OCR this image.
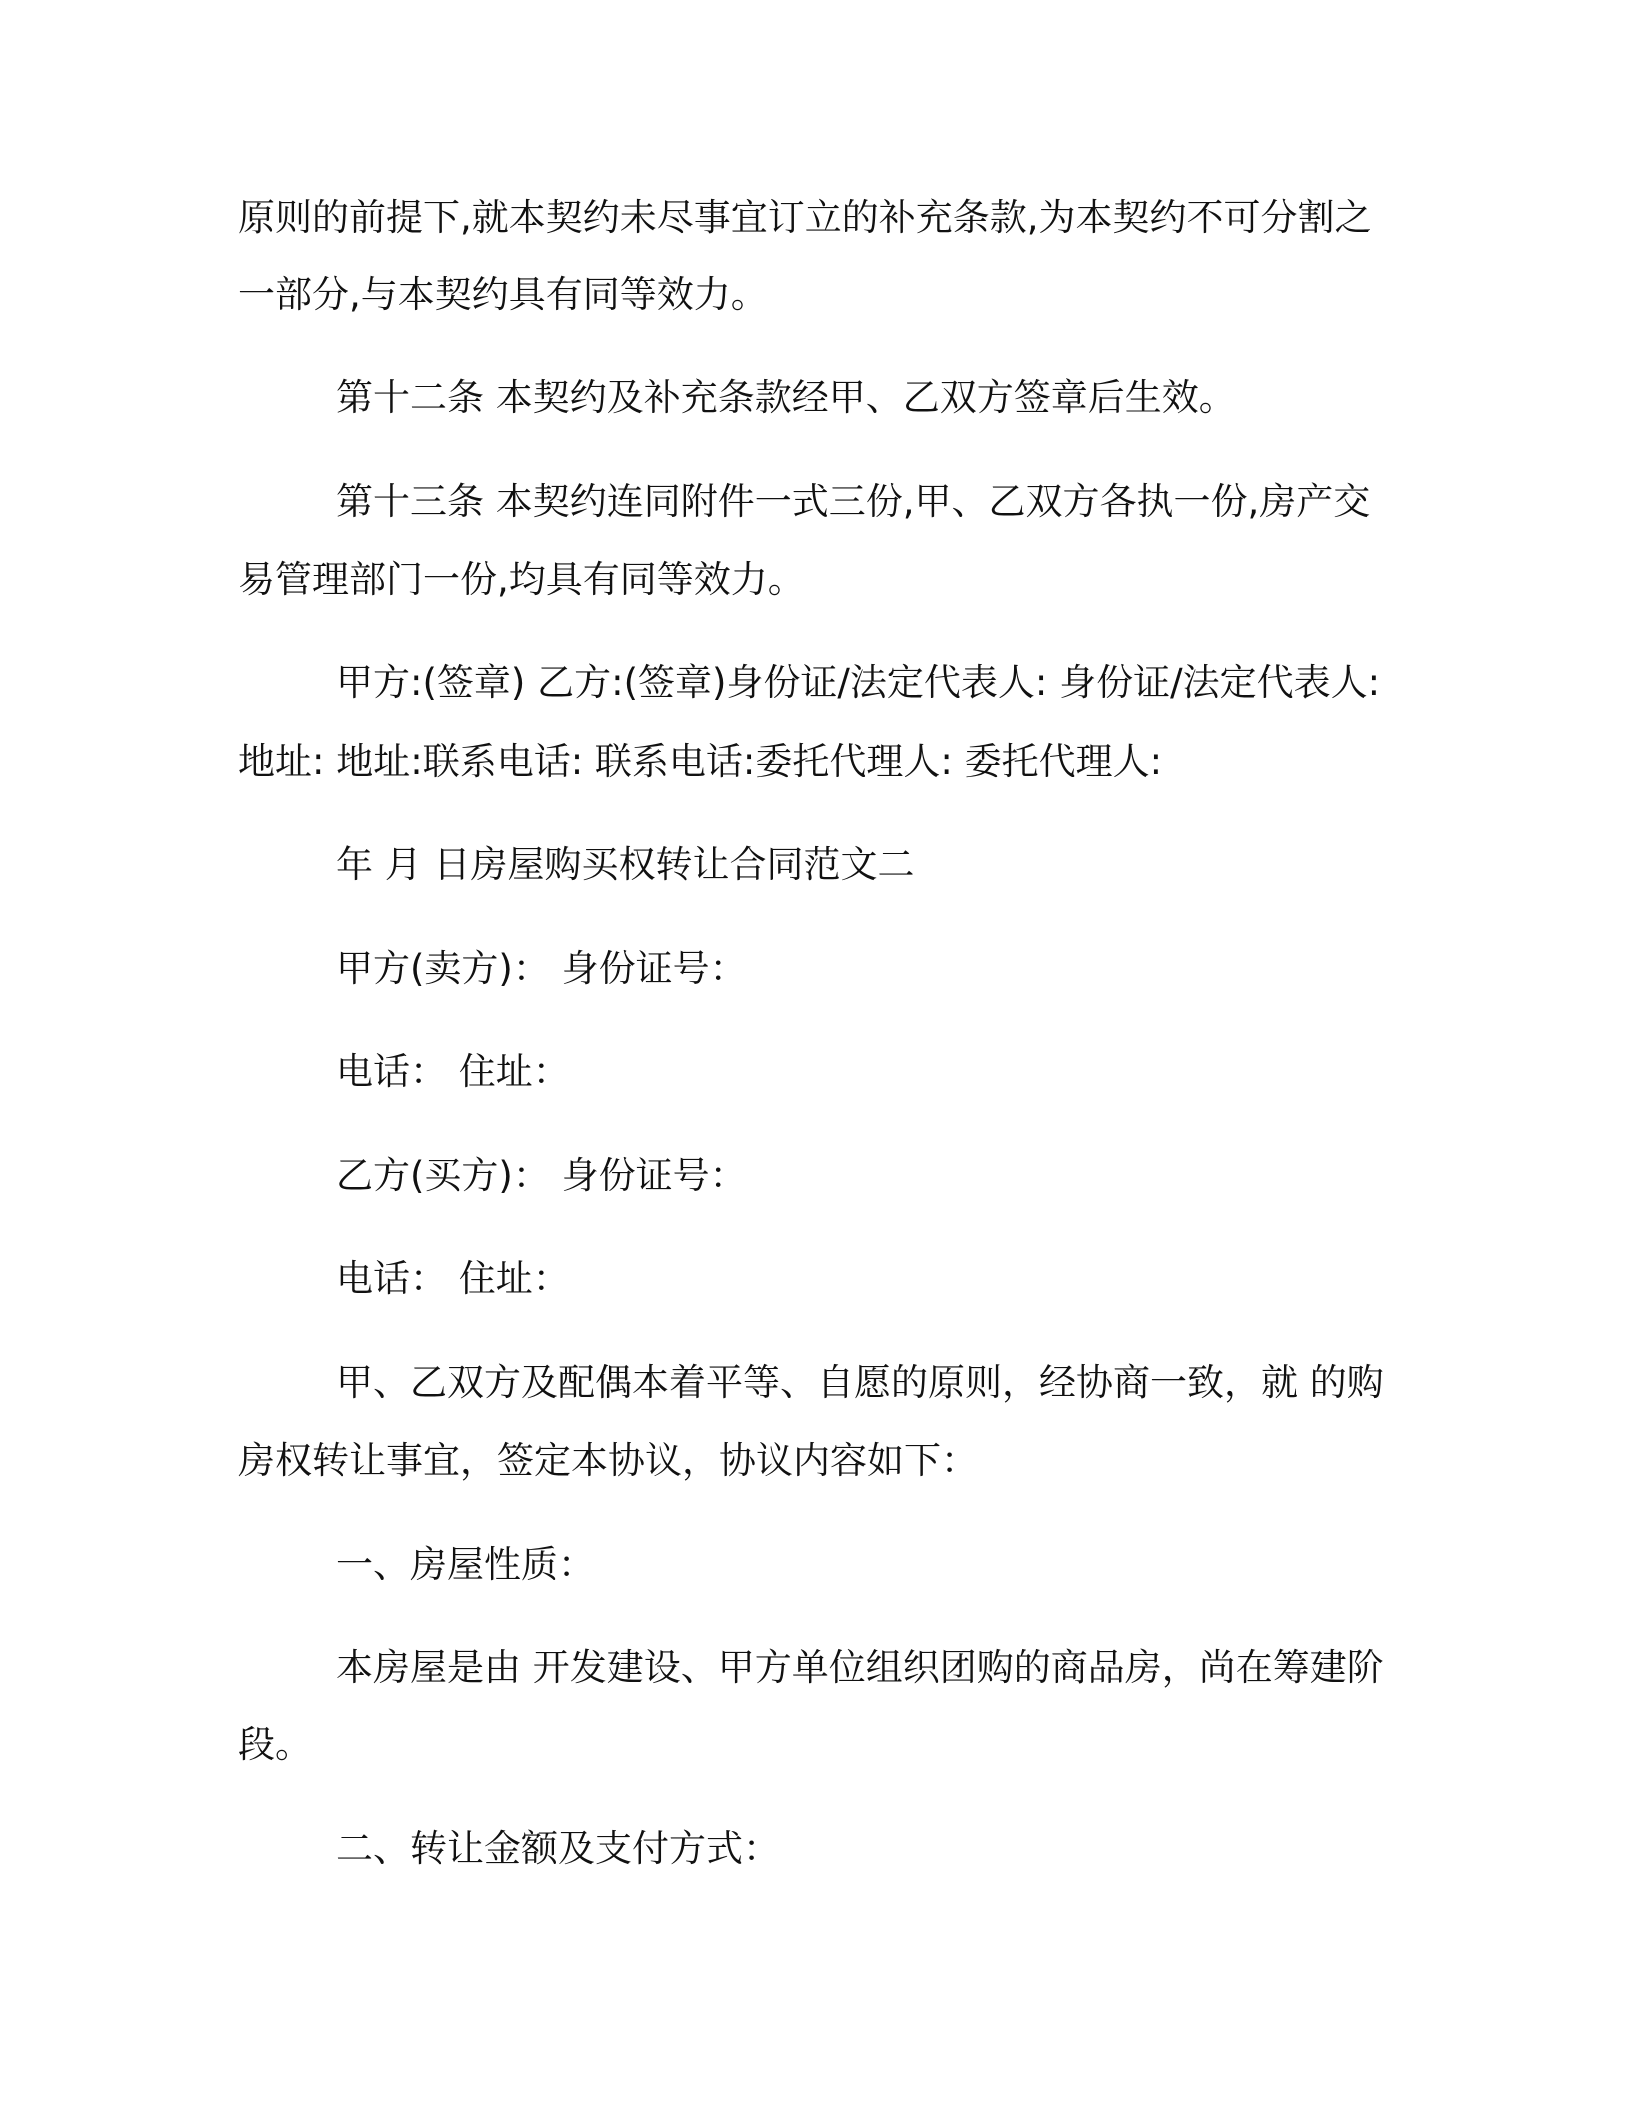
原则的前提下,就本契约未尽事宜订立的补充条款,为本契约不可分割之

一部分,与本契约具有同等效力。

第十二条 本契约及补充条款经甲、乙双方签章后生效。

第十三条 本契约连同附件一式三份,甲、乙双方各执一份,房产交

易管理部门一份,均具有同等效力。

甲方:(签章) 乙方:(签章)身份证/法定代表人: 身份证/法定代表人:

地址: 地址:联系电话: 联系电话:委托代理人: 委托代理人:

年 月 日房屋购买权转让合同范文二

甲方(卖方)： 身份证号：

电话： 住址：

乙方(买方)： 身份证号：

电话： 住址：

甲、乙双方及配偶本着平等、自愿的原则，经协商一致，就 的购

房权转让事宜，签定本协议，协议内容如下：

一、房屋性质：

本房屋是由 开发建设、甲方单位组织团购的商品房，尚在筹建阶

段。

二、转让金额及支付方式：
